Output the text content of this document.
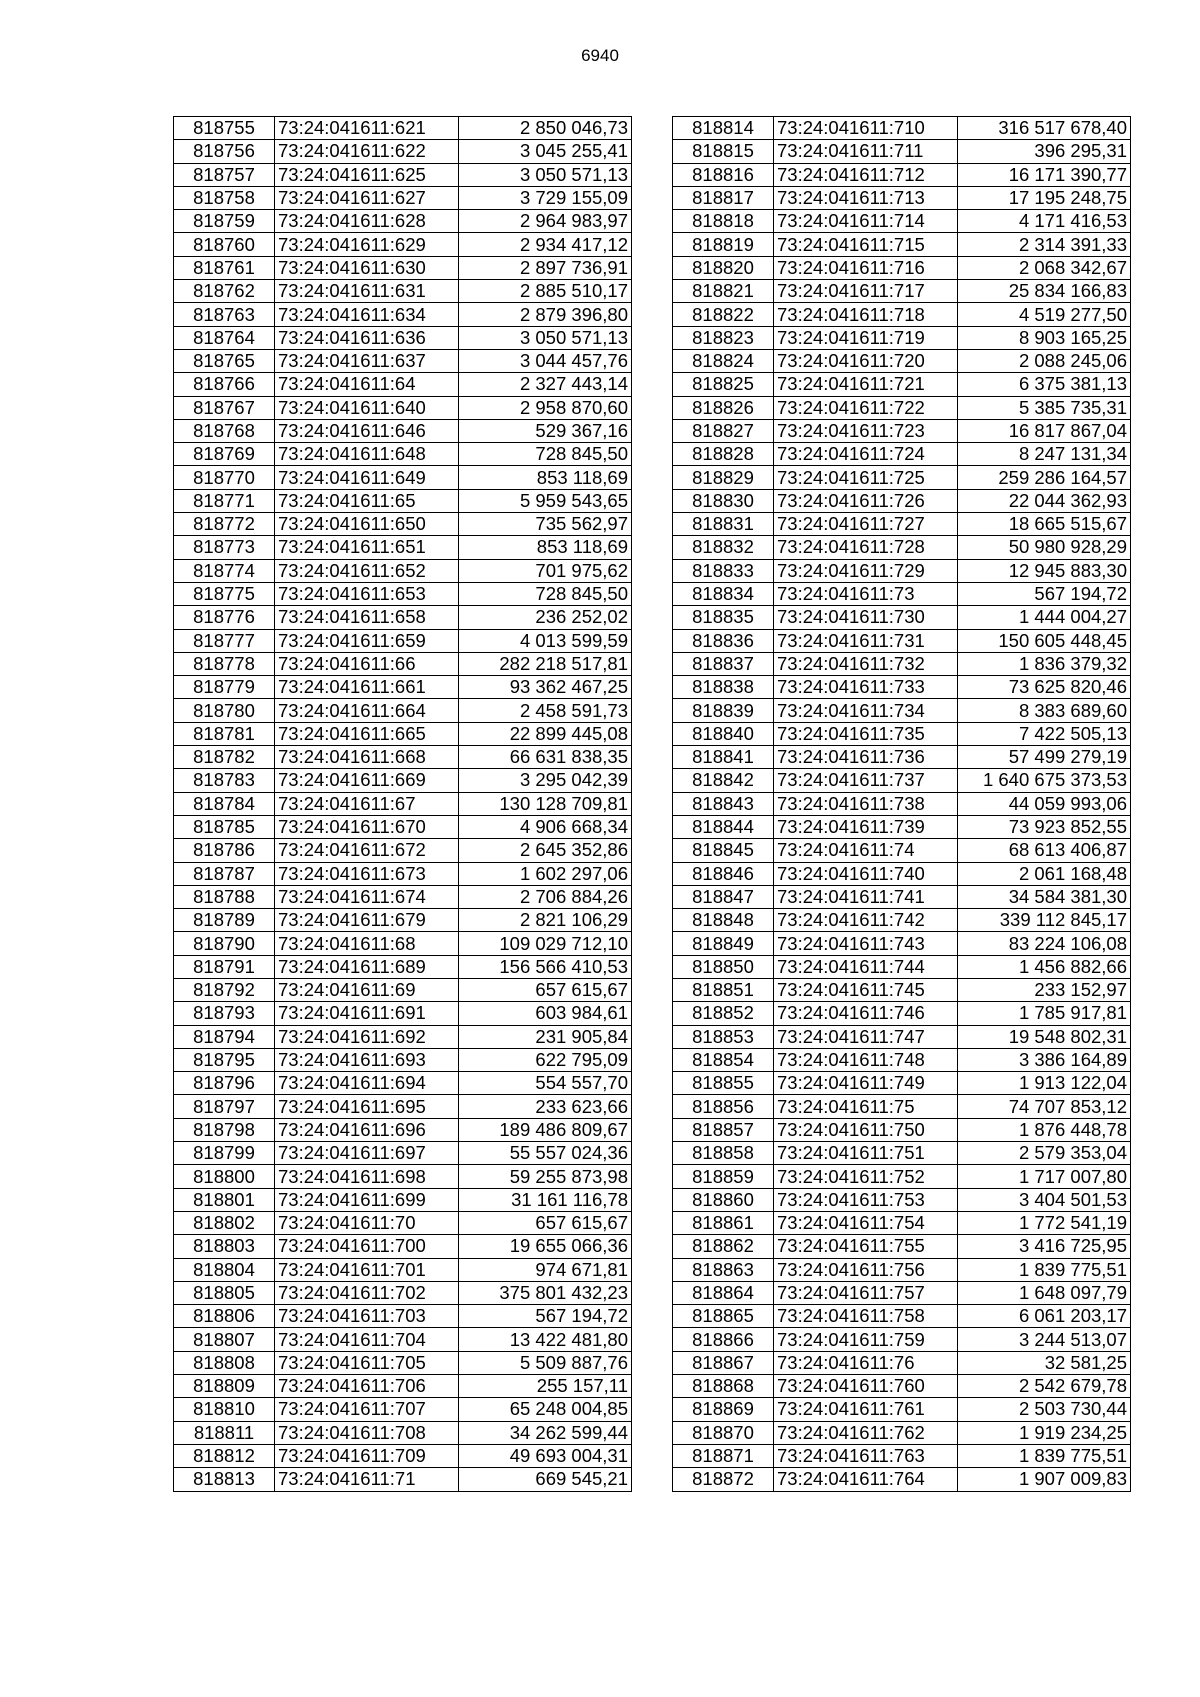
6940
818755	73:24:041611:621	2 850 046,73
818756	73:24:041611:622	3 045 255,41
818757	73:24:041611:625	3 050 571,13
818758	73:24:041611:627	3 729 155,09
818759	73:24:041611:628	2 964 983,97
818760	73:24:041611:629	2 934 417,12
818761	73:24:041611:630	2 897 736,91
818762	73:24:041611:631	2 885 510,17
818763	73:24:041611:634	2 879 396,80
818764	73:24:041611:636	3 050 571,13
818765	73:24:041611:637	3 044 457,76
818766	73:24:041611:64	2 327 443,14
818767	73:24:041611:640	2 958 870,60
818768	73:24:041611:646	529 367,16
818769	73:24:041611:648	728 845,50
818770	73:24:041611:649	853 118,69
818771	73:24:041611:65	5 959 543,65
818772	73:24:041611:650	735 562,97
818773	73:24:041611:651	853 118,69
818774	73:24:041611:652	701 975,62
818775	73:24:041611:653	728 845,50
818776	73:24:041611:658	236 252,02
818777	73:24:041611:659	4 013 599,59
818778	73:24:041611:66	282 218 517,81
818779	73:24:041611:661	93 362 467,25
818780	73:24:041611:664	2 458 591,73
818781	73:24:041611:665	22 899 445,08
818782	73:24:041611:668	66 631 838,35
818783	73:24:041611:669	3 295 042,39
818784	73:24:041611:67	130 128 709,81
818785	73:24:041611:670	4 906 668,34
818786	73:24:041611:672	2 645 352,86
818787	73:24:041611:673	1 602 297,06
818788	73:24:041611:674	2 706 884,26
818789	73:24:041611:679	2 821 106,29
818790	73:24:041611:68	109 029 712,10
818791	73:24:041611:689	156 566 410,53
818792	73:24:041611:69	657 615,67
818793	73:24:041611:691	603 984,61
818794	73:24:041611:692	231 905,84
818795	73:24:041611:693	622 795,09
818796	73:24:041611:694	554 557,70
818797	73:24:041611:695	233 623,66
818798	73:24:041611:696	189 486 809,67
818799	73:24:041611:697	55 557 024,36
818800	73:24:041611:698	59 255 873,98
818801	73:24:041611:699	31 161 116,78
818802	73:24:041611:70	657 615,67
818803	73:24:041611:700	19 655 066,36
818804	73:24:041611:701	974 671,81
818805	73:24:041611:702	375 801 432,23
818806	73:24:041611:703	567 194,72
818807	73:24:041611:704	13 422 481,80
818808	73:24:041611:705	5 509 887,76
818809	73:24:041611:706	255 157,11
818810	73:24:041611:707	65 248 004,85
818811	73:24:041611:708	34 262 599,44
818812	73:24:041611:709	49 693 004,31
818813	73:24:041611:71	669 545,21
818814	73:24:041611:710	316 517 678,40
818815	73:24:041611:711	396 295,31
818816	73:24:041611:712	16 171 390,77
818817	73:24:041611:713	17 195 248,75
818818	73:24:041611:714	4 171 416,53
818819	73:24:041611:715	2 314 391,33
818820	73:24:041611:716	2 068 342,67
818821	73:24:041611:717	25 834 166,83
818822	73:24:041611:718	4 519 277,50
818823	73:24:041611:719	8 903 165,25
818824	73:24:041611:720	2 088 245,06
818825	73:24:041611:721	6 375 381,13
818826	73:24:041611:722	5 385 735,31
818827	73:24:041611:723	16 817 867,04
818828	73:24:041611:724	8 247 131,34
818829	73:24:041611:725	259 286 164,57
818830	73:24:041611:726	22 044 362,93
818831	73:24:041611:727	18 665 515,67
818832	73:24:041611:728	50 980 928,29
818833	73:24:041611:729	12 945 883,30
818834	73:24:041611:73	567 194,72
818835	73:24:041611:730	1 444 004,27
818836	73:24:041611:731	150 605 448,45
818837	73:24:041611:732	1 836 379,32
818838	73:24:041611:733	73 625 820,46
818839	73:24:041611:734	8 383 689,60
818840	73:24:041611:735	7 422 505,13
818841	73:24:041611:736	57 499 279,19
818842	73:24:041611:737	1 640 675 373,53
818843	73:24:041611:738	44 059 993,06
818844	73:24:041611:739	73 923 852,55
818845	73:24:041611:74	68 613 406,87
818846	73:24:041611:740	2 061 168,48
818847	73:24:041611:741	34 584 381,30
818848	73:24:041611:742	339 112 845,17
818849	73:24:041611:743	83 224 106,08
818850	73:24:041611:744	1 456 882,66
818851	73:24:041611:745	233 152,97
818852	73:24:041611:746	1 785 917,81
818853	73:24:041611:747	19 548 802,31
818854	73:24:041611:748	3 386 164,89
818855	73:24:041611:749	1 913 122,04
818856	73:24:041611:75	74 707 853,12
818857	73:24:041611:750	1 876 448,78
818858	73:24:041611:751	2 579 353,04
818859	73:24:041611:752	1 717 007,80
818860	73:24:041611:753	3 404 501,53
818861	73:24:041611:754	1 772 541,19
818862	73:24:041611:755	3 416 725,95
818863	73:24:041611:756	1 839 775,51
818864	73:24:041611:757	1 648 097,79
818865	73:24:041611:758	6 061 203,17
818866	73:24:041611:759	3 244 513,07
818867	73:24:041611:76	32 581,25
818868	73:24:041611:760	2 542 679,78
818869	73:24:041611:761	2 503 730,44
818870	73:24:041611:762	1 919 234,25
818871	73:24:041611:763	1 839 775,51
818872	73:24:041611:764	1 907 009,83
